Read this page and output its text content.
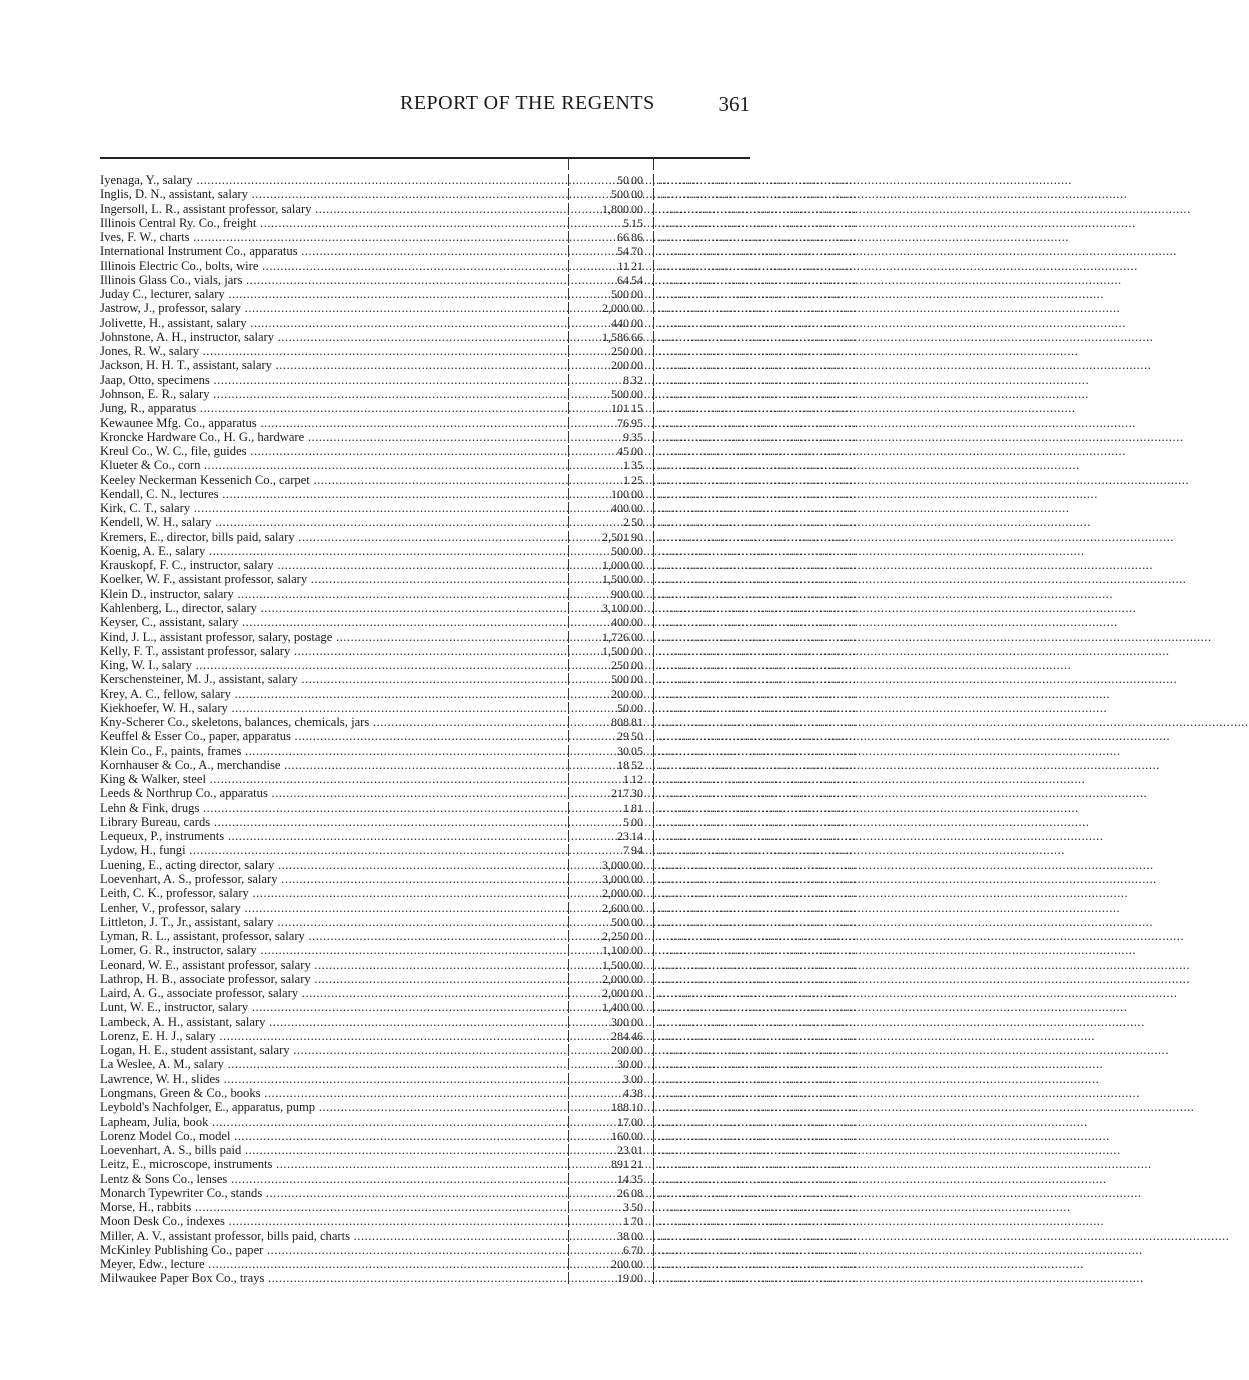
REPORT OF THE REGENTS	361
Iyenaga, Y., salary .....	50 00	................................................
Inglis, D. N., assistant, salary .....	500 00	................................................
Ingersoll, L. R., assistant professor, salary .....	1,800 00	................................................
Illinois Central Ry. Co., freight .....	5 15	................................................
Ives, F. W., charts .....	66 86	................................................
International Instrument Co., apparatus .....	54 70	................................................
Illinois Electric Co., bolts, wire .....	11 21	................................................
Illinois Glass Co., vials, jars .....	64 54	................................................
Juday C., lecturer, salary .....	500 00	................................................
Jastrow, J., professor, salary .....	2,000 00	................................................
Jolivette, H., assistant, salary .....	440 00	................................................
Johnstone, A. H., instructor, salary .....	1,586 66	................................................
Jones, R. W., salary .....	250 00	................................................
Jackson, H. H. T., assistant, salary .....	200 00	................................................
Jaap, Otto, specimens .....	8 32	................................................
Johnson, E. R., salary .....	500 00	................................................
Jung, R., apparatus .....	101 15	................................................
Kewaunee Mfg. Co., apparatus .....	76 95	................................................
Kroncke Hardware Co., H. G., hardware .....	9 35	................................................
Kreul Co., W. C., file, guides .....	45 00	................................................
Klueter & Co., corn .....	1 35	................................................
Keeley Neckerman Kessenich Co., carpet .....	1 25	................................................
Kendall, C. N., lectures .....	100 00	................................................
Kirk, C. T., salary .....	400 00	................................................
Kendell, W. H., salary .....	2 50	................................................
Kremers, E., director, bills paid, salary .....	2,501 90	................................................
Koenig, A. E., salary .....	500 00	................................................
Krauskopf, F. C., instructor, salary .....	1,000 00	................................................
Koelker, W. F., assistant professor, salary .....	1,500 00	................................................
Klein D., instructor, salary .....	900 00	................................................
Kahlenberg, L., director, salary .....	3,100 00	................................................
Keyser, C., assistant, salary .....	400 00	................................................
Kind, J. L., assistant professor, salary, postage .....	1,726 00	................................................
Kelly, F. T., assistant professor, salary .....	1,500 00	................................................
King, W. I., salary .....	250 00	................................................
Kerschensteiner, M. J., assistant, salary .....	500 00	................................................
Krey, A. C., fellow, salary .....	200 00	................................................
Kiekhoefer, W. H., salary .....	50 00	................................................
Kny-Scherer Co., skeletons, balances, chemicals, jars .....	808 81	................................................
Keuffel & Esser Co., paper, apparatus .....	29 50	................................................
Klein Co., F., paints, frames .....	30 05	................................................
Kornhauser & Co., A., merchandise .....	18 52	................................................
King & Walker, steel .....	1 12	................................................
Leeds & Northrup Co., apparatus .....	217 30	................................................
Lehn & Fink, drugs .....	1 81	................................................
Library Bureau, cards .....	5 00	................................................
Lequeux, P., instruments .....	23 14	................................................
Lydow, H., fungi .....	7 94	................................................
Luening, E., acting director, salary .....	3,000 00	................................................
Loevenhart, A. S., professor, salary .....	3,000 00	................................................
Leith, C. K., professor, salary .....	2,000 00	................................................
Lenher, V., professor, salary .....	2,600 00	................................................
Littleton, J. T., Jr., assistant, salary .....	500 00	................................................
Lyman, R. L., assistant, professor, salary .....	2,250 00	................................................
Lomer, G. R., instructor, salary .....	1,100 00	................................................
Leonard, W. E., assistant professor, salary .....	1,500 00	................................................
Lathrop, H. B., associate professor, salary .....	2,000 00	................................................
Laird, A. G., associate professor, salary .....	2,000 00	................................................
Lunt, W. E., instructor, salary .....	1,400 00	................................................
Lambeck, A. H., assistant, salary .....	300 00	................................................
Lorenz, E. H. J., salary .....	284 46	................................................
Logan, H. E., student assistant, salary .....	200 00	................................................
La Weslee, A. M., salary .....	30 00	................................................
Lawrence, W. H., slides .....	3 00	................................................
Longmans, Green & Co., books .....	4 38	................................................
Leybold's Nachfolger, E., apparatus, pump .....	188 10	................................................
Lapheam, Julia, book .....	17 00	................................................
Lorenz Model Co., model .....	160 00	................................................
Loevenhart, A. S., bills paid .....	23 01	................................................
Leitz, E., microscope, instruments .....	891 21	................................................
Lentz & Sons Co., lenses .....	14 35	................................................
Monarch Typewriter Co., stands .....	26 08	................................................
Morse, H., rabbits .....	3 50	................................................
Moon Desk Co., indexes .....	1 70	................................................
Miller, A. V., assistant professor, bills paid, charts .....	38 00	................................................
McKinley Publishing Co., paper .....	6 70	................................................
Meyer, Edw., lecture .....	200 00	................................................
Milwaukee Paper Box Co., trays .....	19 00	................................................
